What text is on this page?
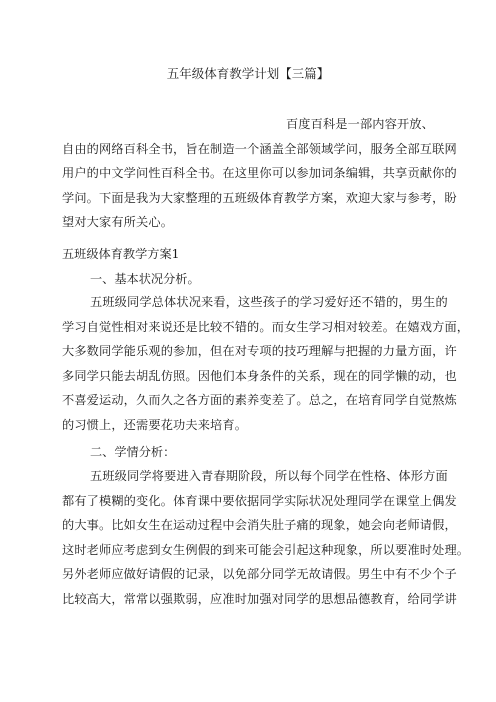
五年级体育教学计划【三篇】
百度百科是一部内容开放、
自由的网络百科全书，旨在制造一个涵盖全部领域学问，服务全部互联网
用户的中文学问性百科全书。在这里你可以参加词条编辑，共享贡献你的
学问。下面是我为大家整理的五班级体育教学方案，欢迎大家与参考，盼
望对大家有所关心。
五班级体育教学方案1
一、基本状况分析。
五班级同学总体状况来看，这些孩子的学习爱好还不错的，男生的
学习自觉性相对来说还是比较不错的。而女生学习相对较差。在嬉戏方面，
大多数同学能乐观的参加，但在对专项的技巧理解与把握的力量方面，许
多同学只能去胡乱仿照。因他们本身条件的关系，现在的同学懒的动，也
不喜爱运动，久而久之各方面的素养变差了。总之，在培育同学自觉熬炼
的习惯上，还需要花功夫来培育。
二、学情分析：
五班级同学将要进入青春期阶段，所以每个同学在性格、体形方面
都有了模糊的变化。体育课中要依据同学实际状况处理同学在课堂上偶发
的大事。比如女生在运动过程中会消失肚子痛的现象，她会向老师请假，
这时老师应考虑到女生例假的到来可能会引起这种现象，所以要准时处理。
另外老师应做好请假的记录，以免部分同学无故请假。男生中有不少个子
比较高大，常常以强欺弱，应准时加强对同学的思想品德教育，给同学讲
